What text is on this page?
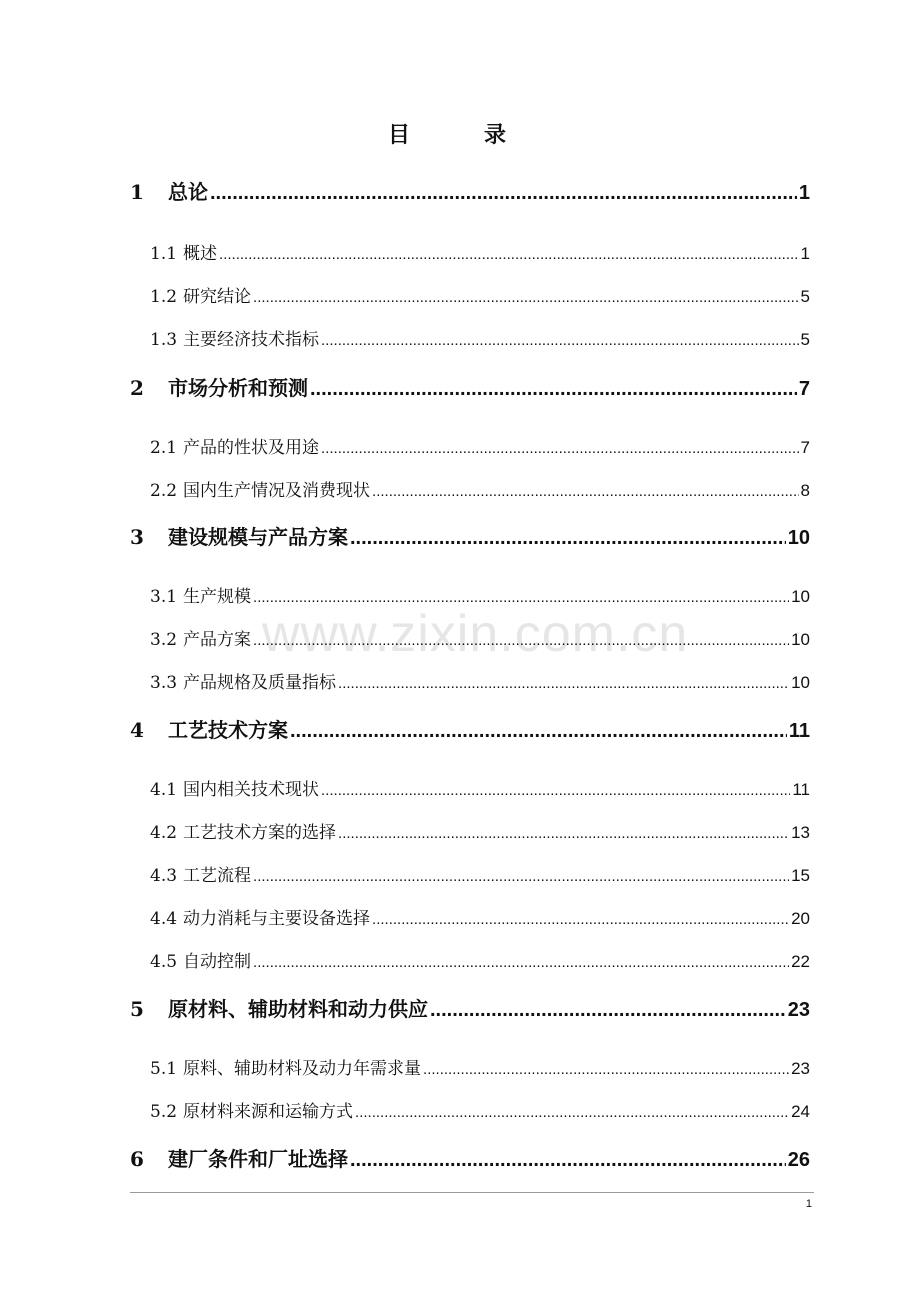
目　录
www.zixin.com.cn
1	总论 .....	1
1.1 概述 .....	1
1.2 研究结论 .....	5
1.3 主要经济技术指标 .....	5
2	市场分析和预测 .....	7
2.1 产品的性状及用途 .....	7
2.2 国内生产情况及消费现状 .....	8
3	建设规模与产品方案 .....	10
3.1 生产规模 .....	10
3.2 产品方案 .....	10
3.3 产品规格及质量指标 .....	10
4	工艺技术方案 .....	11
4.1 国内相关技术现状 .....	11
4.2 工艺技术方案的选择 .....	13
4.3 工艺流程 .....	15
4.4 动力消耗与主要设备选择 .....	20
4.5 自动控制 .....	22
5	原材料、辅助材料和动力供应 .....	23
5.1 原料、辅助材料及动力年需求量 .....	23
5.2 原材料来源和运输方式 .....	24
6	建厂条件和厂址选择 .....	26
1
